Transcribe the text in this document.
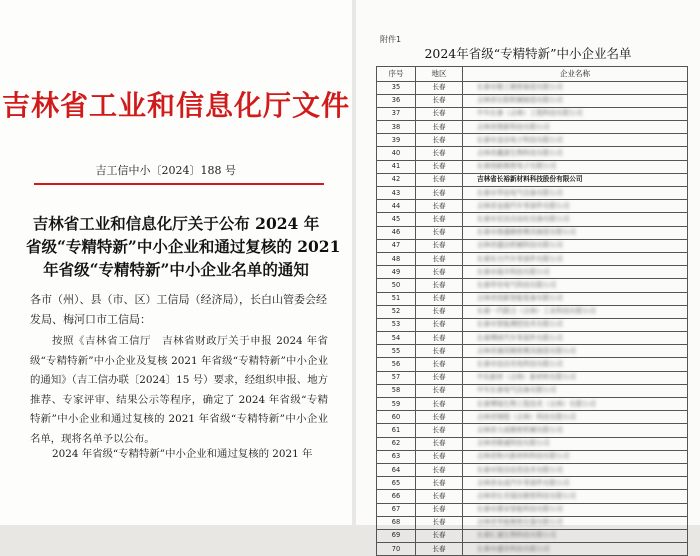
吉林省工业和信息化厅文件
吉工信中小〔2024〕188 号
吉林省工业和信息化厅关于公布 2024 年
省级“专精特新”中小企业和通过复核的 2021
年省级“专精特新”中小企业名单的通知
各市（州）、县（市、区）工信局（经济局），长白山管委会经发局、梅河口市工信局：
按照《吉林省工信厅　吉林省财政厅关于申报 2024 年省级“专精特新”中小企业及复核 2021 年省级“专精特新”中小企业的通知》（吉工信办联〔2024〕15 号）要求，经组织申报、地方推荐、专家评审、结果公示等程序，确定了 2024 年省级“专精特新”中小企业和通过复核的 2021 年省级“专精特新”中小企业名单，现将名单予以公布。
2024 年省级“专精特新”中小企业和通过复核的 2021 年
附件1
2024年省级“专精特新”中小企业名单
序号	地区	企业名称
35	长春	长春市精工精密制造有限公司
36	长春	吉林省长阳机械制造有限公司
37	长春	中车长春（吉林）工程科技有限公司
38	长春	吉林省鼎新科技有限公司
39	长春	长春市金达电子科技有限公司
40	长春	吉林省鑫源生物科技有限公司
41	长春	长春创新精密电子有限公司
42	长春	吉林省长裕新材料科技股份有限公司
43	长春	长春市华信电气设备有限公司
44	长春	吉林省金源汽车零部件有限公司
45	长春	长春市宏达自动化设备有限公司
46	长春	长春市鼎盛精密模具制造有限公司
47	长春	吉林省盛达机械科技有限公司
48	长春	长春东方汽车零部件有限公司
49	长春	长春市瑞丰科技有限公司
50	长春	长春华安电气科技有限公司
51	长春	吉林省创新智能装备有限公司
52	长春	长春一汽联合（吉林）工业科技有限公司
53	长春	长春市智能测控技术有限公司
54	长春	长春博研汽车零部件有限公司
55	长春	吉林省通用精密模具制造有限公司
56	长春	长春市信达光电科技有限公司
57	长春	中东新材（吉林）新材料有限公司
58	长春	中车长春电气设备有限公司
59	长春	长春博瑞生物工程技术（吉林）有限公司
60	长春	吉林省锦程（吉林）科技有限公司
61	长春	吉林省大成精密机械有限公司
62	长春	吉林省精诚科技有限公司
63	长春	吉林省和兴新材料科技有限公司
64	长春	长春市锐达信息技术有限公司
65	长春	吉林省永成汽车零部件有限公司
66	长春	吉林省长光瑞达精密科技有限公司
67	长春	长春市建业智能科技有限公司
68	长春	吉林省华能精密仪器有限公司
69	长春	长春汇通生物科技有限公司
70	长春	长春市盛世科技有限公司
